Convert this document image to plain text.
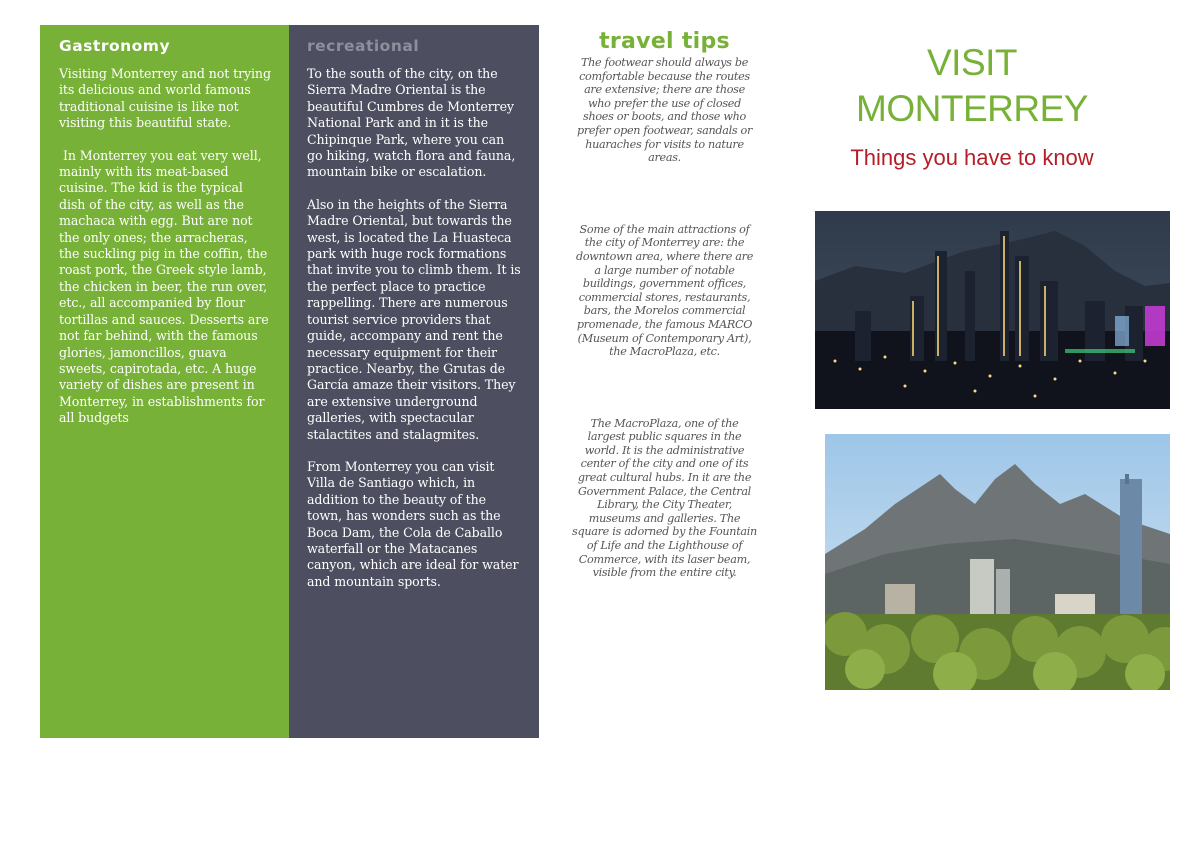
Gastronomy

Visiting Monterrey and not trying its delicious and world famous traditional cuisine is like not visiting this beautiful state.

In Monterrey you eat very well, mainly with its meat-based cuisine. The kid is the typical dish of the city, as well as the machaca with egg. But are not the only ones; the arracheras, the suckling pig in the coffin, the roast pork, the Greek style lamb, the chicken in beer, the run over, etc., all accompanied by flour tortillas and sauces. Desserts are not far behind, with the famous glories, jamoncillos, guava sweets, capirotada, etc. A huge variety of dishes are present in Monterrey, in establishments for all budgets

recreational

To the south of the city, on the Sierra Madre Oriental is the beautiful Cumbres de Monterrey National Park and in it is the Chipinque Park, where you can go hiking, watch flora and fauna, mountain bike or escalation.

Also in the heights of the Sierra Madre Oriental, but towards the west, is located the La Huasteca park with huge rock formations that invite you to climb them. It is the perfect place to practice rappelling. There are numerous tourist service providers that guide, accompany and rent the necessary equipment for their practice. Nearby, the Grutas de García amaze their visitors. They are extensive underground galleries, with spectacular stalactites and stalagmites.

From Monterrey you can visit Villa de Santiago which, in addition to the beauty of the town, has wonders such as the Boca Dam, the Cola de Caballo waterfall or the Matacanes canyon, which are ideal for water and mountain sports.

travel tips

The footwear should always be comfortable because the routes are extensive; there are those who prefer the use of closed shoes or boots, and those who prefer open footwear, sandals or huaraches for visits to nature areas.

Some of the main attractions of the city of Monterrey are: the downtown area, where there are a large number of notable buildings, government offices, commercial stores, restaurants, bars, the Morelos commercial promenade, the famous MARCO (Museum of Contemporary Art), the MacroPlaza, etc.

The MacroPlaza, one of the largest public squares in the world. It is the administrative center of the city and one of its great cultural hubs. In it are the Government Palace, the Central Library, the City Theater, museums and galleries. The square is adorned by the Fountain of Life and the Lighthouse of Commerce, with its laser beam, visible from the entire city.

VISIT
MONTERREY
Things you have to know
